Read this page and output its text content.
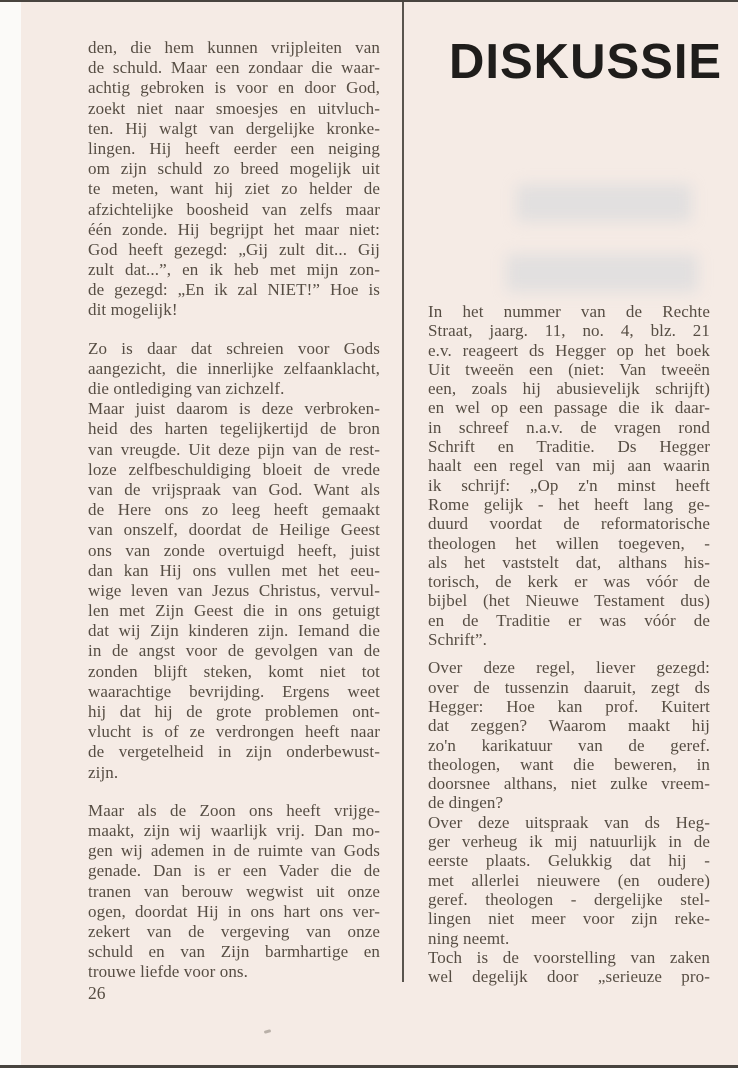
DISKUSSIE
den, die hem kunnen vrijpleiten van
de schuld. Maar een zondaar die waar-
achtig gebroken is voor en door God,
zoekt niet naar smoesjes en uitvluch-
ten. Hij walgt van dergelijke kronke-
lingen. Hij heeft eerder een neiging
om zijn schuld zo breed mogelijk uit
te meten, want hij ziet zo helder de
afzichtelijke boosheid van zelfs maar
één zonde. Hij begrijpt het maar niet:
God heeft gezegd: „Gij zult dit... Gij
zult dat...”, en ik heb met mijn zon-
de gezegd: „En ik zal NIET!” Hoe is
dit mogelijk!
Zo is daar dat schreien voor Gods
aangezicht, die innerlijke zelfaanklacht,
die ontlediging van zichzelf.
Maar juist daarom is deze verbroken-
heid des harten tegelijkertijd de bron
van vreugde. Uit deze pijn van de rest-
loze zelfbeschuldiging bloeit de vrede
van de vrijspraak van God. Want als
de Here ons zo leeg heeft gemaakt
van onszelf, doordat de Heilige Geest
ons van zonde overtuigd heeft, juist
dan kan Hij ons vullen met het eeu-
wige leven van Jezus Christus, vervul-
len met Zijn Geest die in ons getuigt
dat wij Zijn kinderen zijn. Iemand die
in de angst voor de gevolgen van de
zonden blijft steken, komt niet tot
waarachtige bevrijding. Ergens weet
hij dat hij de grote problemen ont-
vlucht is of ze verdrongen heeft naar
de vergetelheid in zijn onderbewust-
zijn.
Maar als de Zoon ons heeft vrijge-
maakt, zijn wij waarlijk vrij. Dan mo-
gen wij ademen in de ruimte van Gods
genade. Dan is er een Vader die de
tranen van berouw wegwist uit onze
ogen, doordat Hij in ons hart ons ver-
zekert van de vergeving van onze
schuld en van Zijn barmhartige en
trouwe liefde voor ons.
In het nummer van de Rechte
Straat, jaarg. 11, no. 4, blz. 21
e.v. reageert ds Hegger op het boek
Uit tweeën een (niet: Van tweeën
een, zoals hij abusievelijk schrijft)
en wel op een passage die ik daar-
in schreef n.a.v. de vragen rond
Schrift en Traditie. Ds Hegger
haalt een regel van mij aan waarin
ik schrijf: „Op z'n minst heeft
Rome gelijk - het heeft lang ge-
duurd voordat de reformatorische
theologen het willen toegeven, -
als het vaststelt dat, althans his-
torisch, de kerk er was vóór de
bijbel (het Nieuwe Testament dus)
en de Traditie er was vóór de
Schrift”.
Over deze regel, liever gezegd:
over de tussenzin daaruit, zegt ds
Hegger: Hoe kan prof. Kuitert
dat zeggen? Waarom maakt hij
zo'n karikatuur van de geref.
theologen, want die beweren, in
doorsnee althans, niet zulke vreem-
de dingen?
Over deze uitspraak van ds Heg-
ger verheug ik mij natuurlijk in de
eerste plaats. Gelukkig dat hij -
met allerlei nieuwere (en oudere)
geref. theologen - dergelijke stel-
lingen niet meer voor zijn reke-
ning neemt.
Toch is de voorstelling van zaken
wel degelijk door „serieuze pro-
26
